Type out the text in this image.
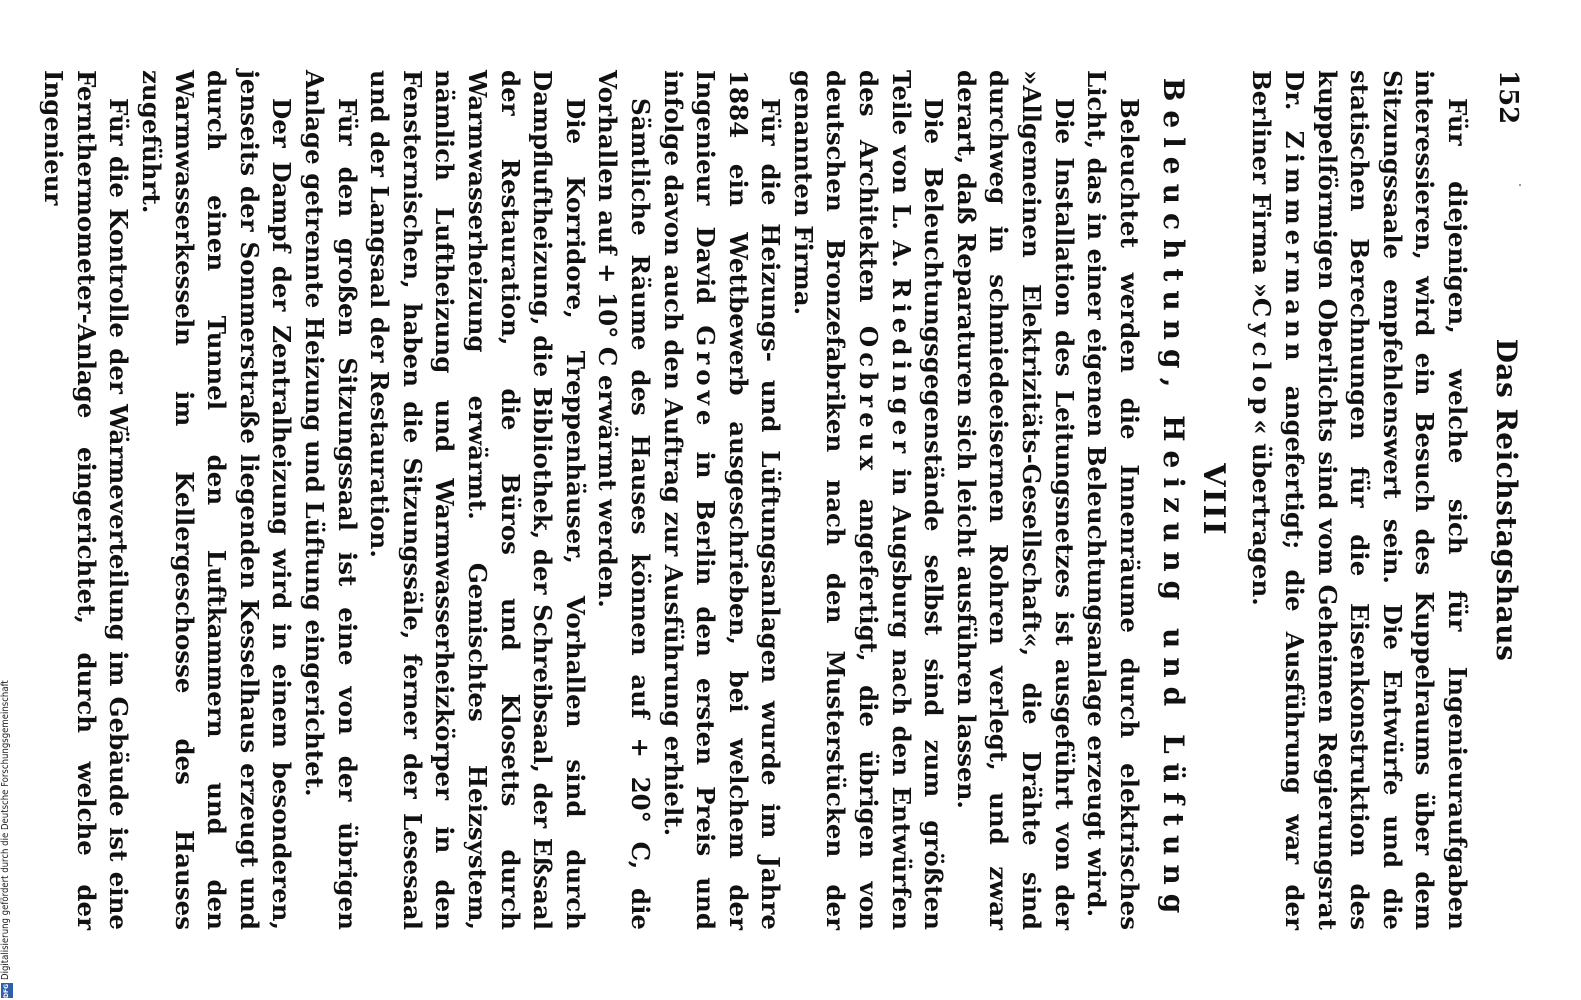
152
Das Reichstagshaus

Für diejenigen, welche sich für Ingenieuraufgaben interessieren, wird ein Besuch des Kuppelraums über dem Sitzungssaale empfehlenswert sein. Die Entwürfe und die statischen Berechnungen für die Eisenkonstruktion des kuppelförmigen Oberlichts sind vom Geheimen Regierungsrat Dr. Zimmermann angefertigt; die Ausführung war der Berliner Firma »Cyclop« übertragen.

VIII
Beleuchtung, Heizung und Lüftung

Beleuchtet werden die Innenräume durch elektrisches Licht, das in einer eigenen Beleuchtungsanlage erzeugt wird.

Die Installation des Leitungsnetzes ist ausgeführt von der »Allgemeinen Elektrizitäts-Gesellschaft«, die Drähte sind durchweg in schmiedeeisernen Rohren verlegt, und zwar derart, daß Reparaturen sich leicht ausführen lassen.

Die Beleuchtungsgegenstände selbst sind zum größten Teile von L. A. Riedinger in Augsburg nach den Entwürfen des Architekten Ocbreux angefertigt, die übrigen von deutschen Bronzefabriken nach den Musterstücken der genannten Firma.

Für die Heizungs- und Lüftungsanlagen wurde im Jahre 1884 ein Wettbewerb ausgeschrieben, bei welchem der Ingenieur David Grove in Berlin den ersten Preis und infolge davon auch den Auftrag zur Ausführung erhielt.

Sämtliche Räume des Hauses können auf + 20° C, die Vorhallen auf + 10° C erwärmt werden.

Die Korridore, Treppenhäuser, Vorhallen sind durch Dampfluftheizung, die Bibliothek, der Schreibsaal, der Eßsaal der Restauration, die Büros und Klosetts durch Warmwasserheizung erwärmt. Gemischtes Heizsystem, nämlich Luftheizung und Warmwasserheizkörper in den Fensternischen, haben die Sitzungssäle, ferner der Lesesaal und der Langsaal der Restauration.

Für den großen Sitzungssaal ist eine von der übrigen Anlage getrennte Heizung und Lüftung eingerichtet.

Der Dampf der Zentralheizung wird in einem besonderen, jenseits der Sommerstraße liegenden Kesselhaus erzeugt und durch einen Tunnel den Luftkammern und den Warmwasserkesseln im Kellergeschosse des Hauses zugeführt.

Für die Kontrolle der Wärmeverteilung im Gebäude ist eine Fernthermometer-Anlage eingerichtet, durch welche der Ingenieur

Digitalisierung gefördert durch die Deutsche Forschungsgemeinschaft
DFG
